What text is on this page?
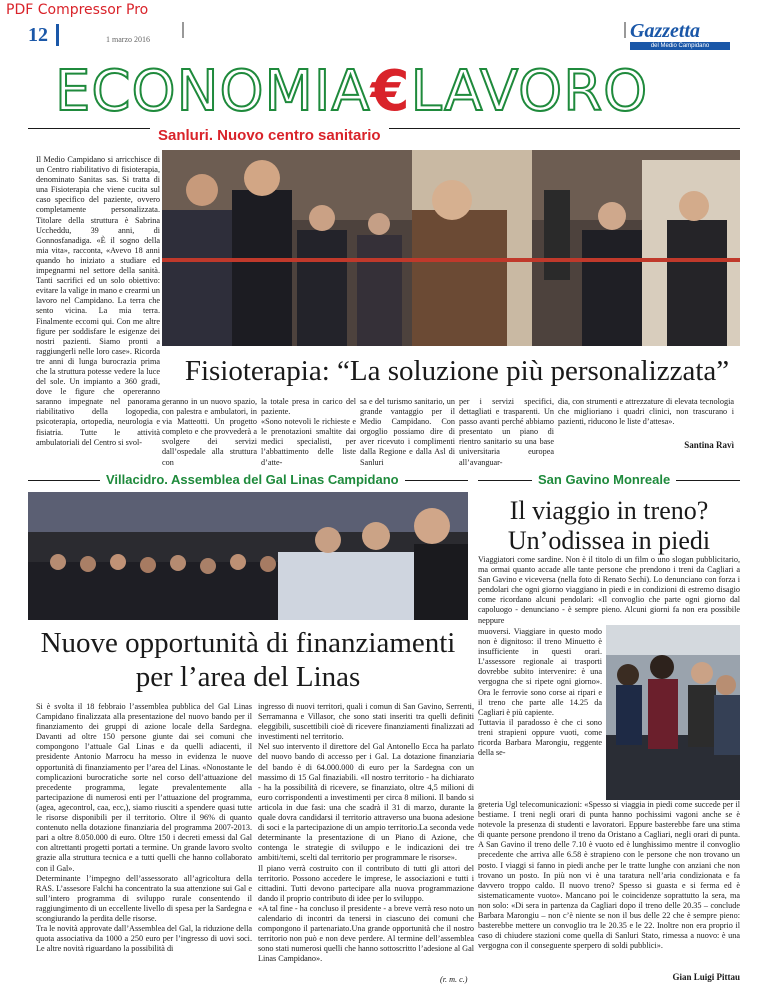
PDF Compressor Pro
12	1 marzo 2016	Gazzetta
del Medio Campidano
ECONOMIA€LAVORO
Sanluri. Nuovo centro sanitario
Il Medio Campidano si arricchisce di un Centro riabilitativo di fisioterapia, denominato Sanitas sas. Si tratta di una Fisioterapia che viene cucita sul caso specifico del paziente, ovvero completamente personalizzata. Titolare della struttura è Sabrina Uccheddu, 39 anni, di Gonnosfanadiga. «È il sogno della mia vita», racconta, «Avevo 18 anni quando ho iniziato a studiare ed impegnarmi nel settore della sanità. Tanti sacrifici ed un solo obiettivo: evitare la valige in mano e crearmi un lavoro nel Campidano. La terra che sento vicina. La mia terra. Finalmente eccomi qui. Con me altre figure per soddisfare le esigenze dei nostri pazienti. Siamo pronti a raggiungerli nelle loro case». Ricorda tre anni di lunga burocrazia prima che la struttura potesse vedere la luce del sole. Un impianto a 360 gradi, dove le figure che opereranno saranno impegnate nel panorama riabilitativo della logopedia, psicoterapia, ortopedia, neurologia e fisiatria. Tutte le attività ambulatoriali del Centro si svol-
Fisioterapia: “La soluzione più personalizzata”
geranno in un nuovo spazio, con palestra e ambulatori, in via Matteotti. Un progetto completo e che provvederà a svolgere dei servizi dall’ospedale alla struttura con
la totale presa in carico del paziente.
«Sono notevoli le richieste e le prenotazioni smaltite dai medici specialisti, per l’abbattimento delle liste d’atte-
sa e del turismo sanitario, un grande vantaggio per il Medio Campidano. Con orgoglio possiamo dire di aver ricevuto i complimenti dalla Regione e dalla Asl di Sanluri
per i servizi specifici, dettagliati e trasparenti. Un passo avanti perché abbiamo presentato un piano di rientro sanitario su una base universitaria europea all’avanguar-
dia, con strumenti e attrezzature di elevata tecnologia che miglioriano i quadri clinici, non trascurano i pazienti, riducono le liste d’attesa».
Santina Ravì
Villacidro. Assemblea del Gal Linas Campidano
Nuove opportunità di finanziamenti
per l’area del Linas
Si è svolta il 18 febbraio l’assemblea pubblica del Gal Linas Campidano finalizzata alla presentazione del nuovo bando per il finanziamento dei gruppi di azione locale della Sardegna. Davanti ad oltre 150 persone giunte dai sei comuni che compongono l’attuale Gal Linas e da quelli adiacenti, il presidente Antonio Marrocu ha messo in evidenza le nuove opportunità di finanziamento per l’area del Linas. «Nonostante le complicazioni burocratiche sorte nel corso dell’attuazione del precedente programma, legate prevalentemente alla partecipazione di numerosi enti per l’attuazione del programma, (agea, agecontrol, caa, ecc,), siamo riusciti a spendere quasi tutte le risorse disponibili per il territorio. Oltre il 96% di quanto contenuto nella dotazione finanziaria del programma 2007-2013. pari a oltre 8.050.000 di euro. Oltre 150 i decreti emessi dal Gal con altrettanti progetti portati a termine. Un grande lavoro svolto grazie alla struttura tecnica e a tutti quelli che hanno collaborato con il Gal».
Determinante l’impegno dell’assessorato all’agricoltura della RAS. L’assesore Falchi ha concentrato la sua attenzione sui Gal e sull’intero programma di sviluppo rurale consentendo il raggiungimento di un eccellente livello di spesa per la Sardegna e scongiurando la perdita delle risorse.
Tra le novità approvate dall’Assemblea del Gal, la riduzione della quota associativa da 1000 a 250 euro per l’ingresso di uovi soci. Le altre novità riguardano la possibilità di
ingresso di nuovi territori, quali i comun di San Gavino, Serrenti, Serramanna e Villasor, che sono stati inseriti tra quelli definiti eleggibili, suscettibili cioè di ricevere finanziamenti finalizzati ad investimenti nel territorio.
Nel suo intervento il direttore del Gal Antonello Ecca ha parlato del nuovo bando di accesso per i Gal. La dotazione finanziaria del bando è di 64.000.000 di euro per la Sardegna con un massimo di 15 Gal finaziabili. «Il nostro territorio - ha dichiarato - ha la possibilità di ricevere, se finanziato, oltre 4,5 milioni di euro corrispondenti a investimenti per circa 8 milioni. Il bando si articola in due fasi: una che scadrà il 31 di marzo, durante la quale dovra candidarsi il territorio attraverso una buona adesione di soci e la partecipazione di un ampio territorio.La seconda vede determinante la presentazione di un Piano di Azione, che contenga le strategie di sviluppo e le indicazioni dei tre ambiti/temi, scelti dal territorio per programmare le risorse».
Il piano verrà costruito con il contributo di tutti gli attori del territorio. Possono accedere le imprese, le associazioni e tutti i cittadini. Tutti devono partecipare alla nuova programmazione dando il proprio contributo di idee per lo sviluppo.
«A tal fine - ha concluso il presidente - a breve verrà reso noto un calendario di incontri da tenersi in ciascuno dei comuni che compongono il partenariato.Una grande opportunità che il nostro territorio non può e non deve perdere. Al termine dell’assemblea sono stati numerosi quelli che hanno sottoscritto l’adesione al Gal Linas Campidano».
(r. m. c.)
San Gavino Monreale
Il viaggio in treno?
Un’odissea in piedi
Viaggiatori come sardine. Non è il titolo di un film o uno slogan pubblicitario, ma ormai quanto accade alle tante persone che prendono i treni da Cagliari a San Gavino e viceversa (nella foto di Renato Sechi). Lo denunciano con forza i pendolari che ogni giorno viaggiano in piedi e in condizioni di estremo disagio come ricordano alcuni pendolari: «Il convoglio che parte ogni giorno dal capoluogo - denunciano - è sempre pieno. Alcuni giorni fa non era possibile neppure
muoversi. Viaggiare in questo modo non è dignitoso: il treno Minuetto è insufficiente in questi orari. L’assessore regionale ai trasporti dovrebbe subito intervenire: è una vergogna che si ripete ogni giorno». Ora le ferrovie sono corse ai ripari e il treno che parte alle 14.25 da Cagliari è più capiente.
Tuttavia il paradosso è che ci sono treni strapieni oppure vuoti, come ricorda Barbara Marongiu, reggente della se-
greteria Ugl telecomunicazioni: «Spesso si viaggia in piedi come succede per il bestiame. I treni negli orari di punta hanno pochissimi vagoni anche se è notevole la presenza di studenti e lavoratori. Eppure basterebbe fare una stima di quante persone prendono il treno da Oristano a Cagliari, negli orari di punta. A San Gavino il treno delle 7.10 è vuoto ed è lunghissimo mentre il convoglio precedente che arriva alle 6.58 è strapieno con le persone che non trovano un posto. I viaggi si fanno in piedi anche per le tratte lunghe con anziani che non trovano un posto. In più non vi è una taratura nell’aria condizionata e fa davvero troppo caldo. Il nuovo treno? Spesso si guasta e si ferma ed è sistematicamente vuoto». Mancano poi le coincidenze soprattutto la sera, ma non solo: «Di sera in partenza da Cagliari dopo il treno delle 20.35 – conclude Barbara Marongiu – non c’è niente se non il bus delle 22 che è sempre pieno: basterebbe mettere un convoglio tra le 20.35 e le 22. Inoltre non era proprio il caso di chiudere stazioni come quella di Sanluri Stato, rimessa a nuovo: è una vergogna con il conseguente sperpero di soldi pubblici».
Gian Luigi Pittau
